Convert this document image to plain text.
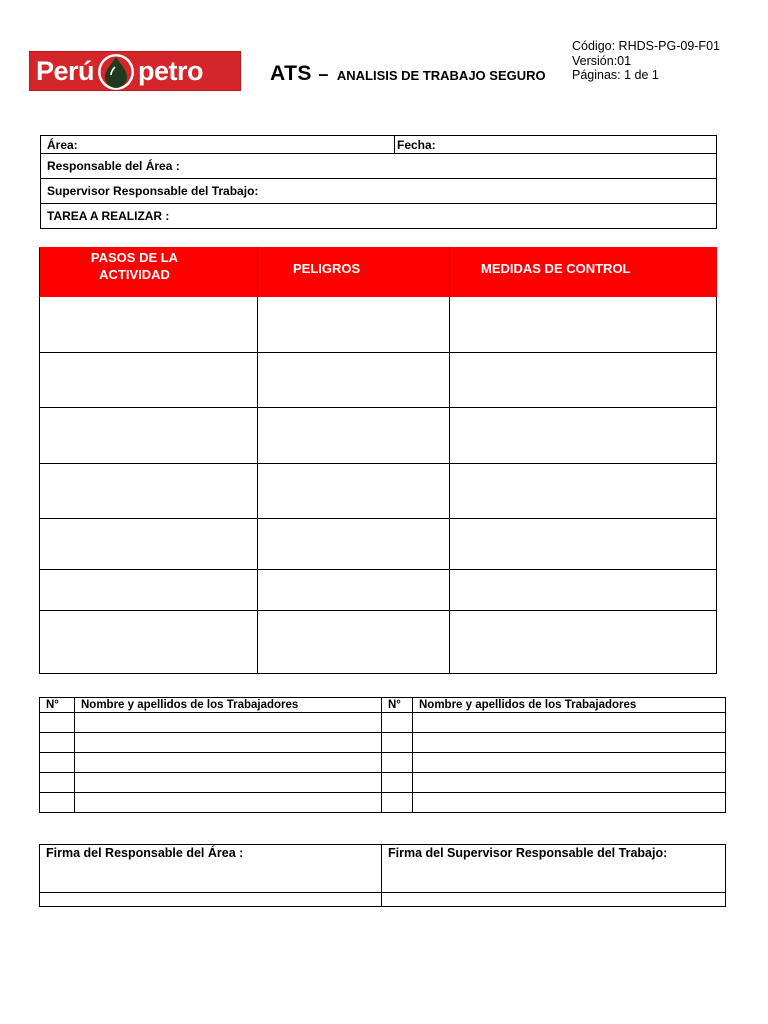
Perú petro	ATS – ANALISIS DE TRABAJO SEGURO
Código: RHDS-PG-09-F01
Versión:01
Páginas: 1 de 1
Área:	Fecha:
Responsable del Área :
Supervisor Responsable del Trabajo:
TAREA A REALIZAR :
PASOS DE LA
ACTIVIDAD	PELIGROS	MEDIDAS DE CONTROL

N°	Nombre y apellidos de los Trabajadores	N°	Nombre y apellidos de los Trabajadores

Firma del Responsable del Área :	Firma del Supervisor Responsable del Trabajo:
